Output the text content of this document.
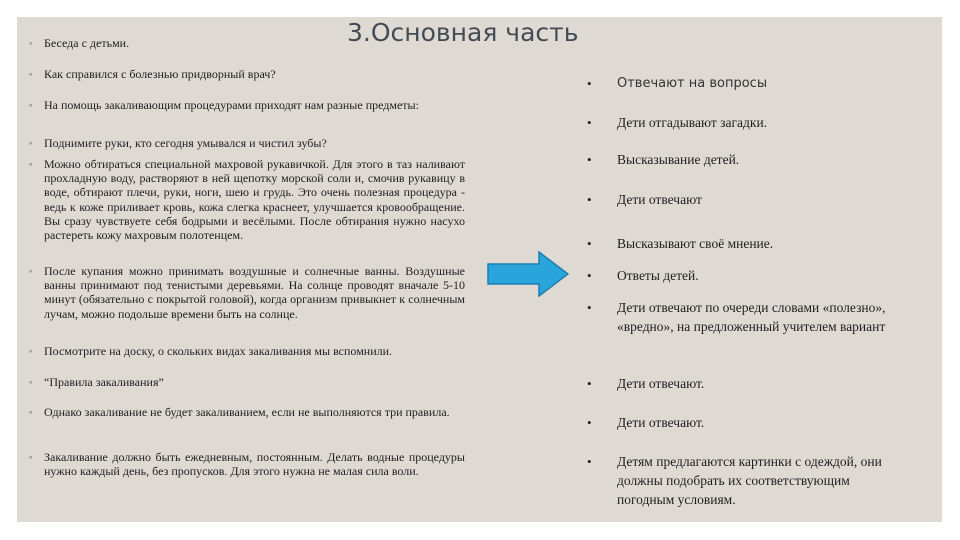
3.Основная часть
◦ Беседа с детьми.
◦ Как справился с болезнью придворный врач?
◦ На помощь закаливающим процедурами приходят нам разные предметы:
◦ Поднимите руки, кто сегодня умывался и чистил зубы?
◦ Можно обтираться специальной махровой рукавичкой. Для этого в таз наливают прохладную воду, растворяют в ней щепотку морской соли и, смочив рукавицу в воде, обтирают плечи, руки, ноги, шею и грудь. Это очень полезная процедура - ведь к коже приливает кровь, кожа слегка краснеет, улучшается кровообращение. Вы сразу чувствуете себя бодрыми и весёлыми. После обтирания нужно насухо растереть кожу махровым полотенцем.
◦ После купания можно принимать воздушные и солнечные ванны. Воздушные ванны принимают под тенистыми деревьями. На солнце проводят вначале 5-10 минут (обязательно с покрытой головой), когда организм привыкнет к солнечным лучам, можно подольше времени быть на солнце.
◦ Посмотрите на доску, о скольких видах закаливания мы вспомнили.
◦ “Правила закаливания”
◦ Однако закаливание не будет закаливанием, если не выполняются три правила.
◦ Закаливание должно быть ежедневным, постоянным. Делать водные процедуры нужно каждый день, без пропусков. Для этого нужна не малая сила воли.
• Отвечают на вопросы
• Дети отгадывают загадки.
• Высказывание детей.
• Дети отвечают
• Высказывают своё мнение.
• Ответы детей.
• Дети отвечают по очереди словами «полезно», «вредно», на предложенный учителем вариант
• Дети отвечают.
• Дети отвечают.
• Детям предлагаются картинки с одеждой, они должны подобрать их соответствующим погодным условиям.
